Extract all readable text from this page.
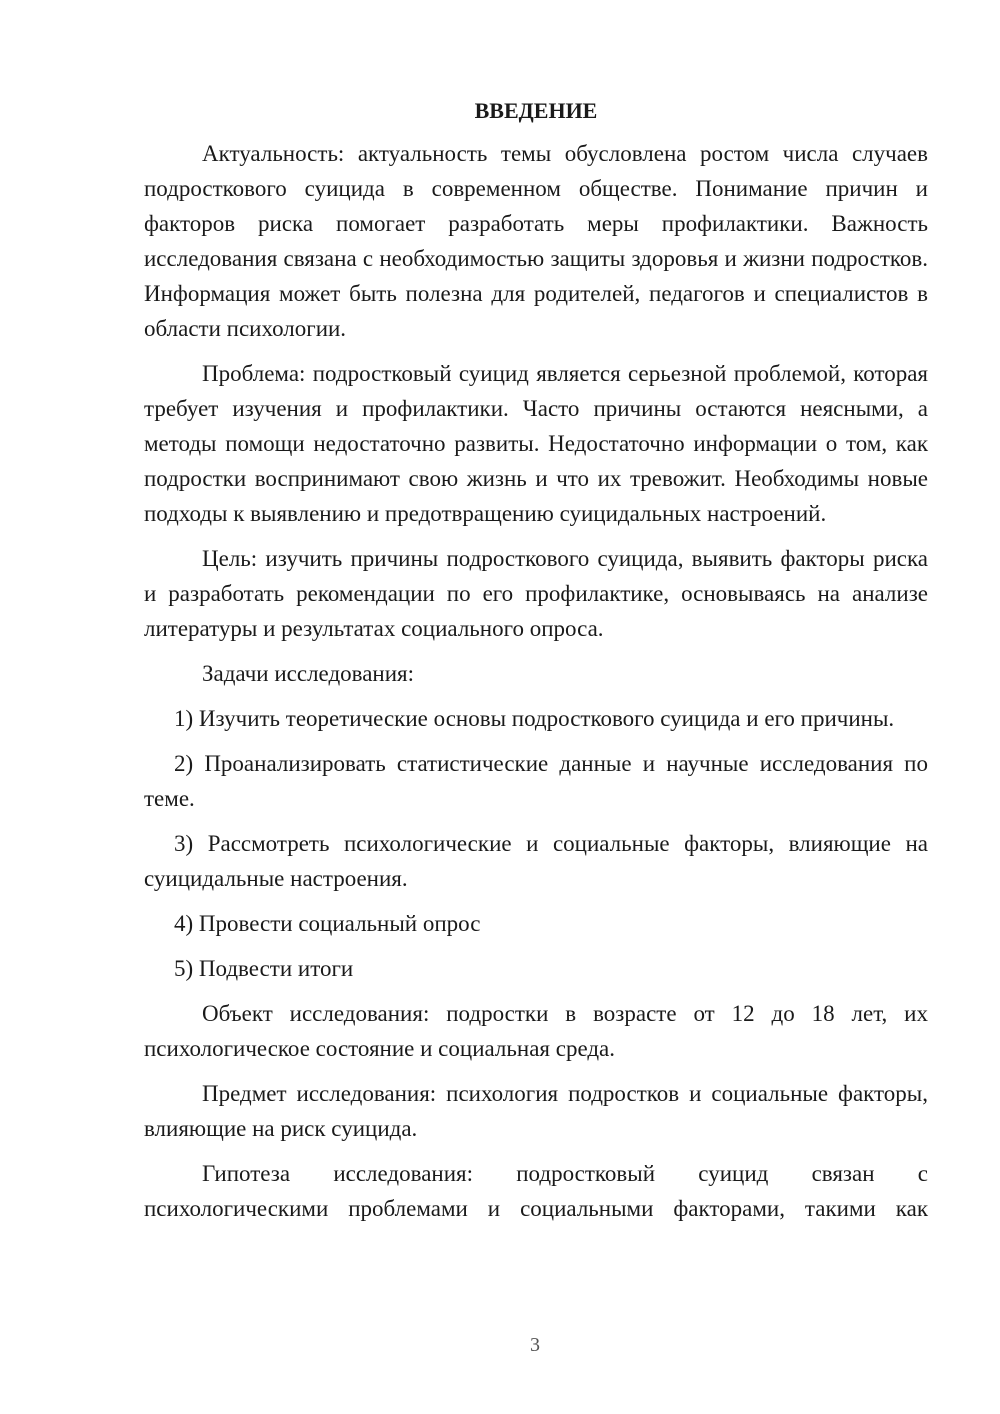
ВВЕДЕНИЕ

Актуальность: актуальность темы обусловлена ростом числа случаев подросткового суицида в современном обществе. Понимание причин и факторов риска помогает разработать меры профилактики. Важность исследования связана с необходимостью защиты здоровья и жизни подростков. Информация может быть полезна для родителей, педагогов и специалистов в области психологии.

Проблема: подростковый суицид является серьезной проблемой, которая требует изучения и профилактики. Часто причины остаются неясными, а методы помощи недостаточно развиты. Недостаточно информации о том, как подростки воспринимают свою жизнь и что их тревожит. Необходимы новые подходы к выявлению и предотвращению суицидальных настроений.

Цель: изучить причины подросткового суицида, выявить факторы риска и разработать рекомендации по его профилактике, основываясь на анализе литературы и результатах социального опроса.

Задачи исследования:

1) Изучить теоретические основы подросткового суицида и его причины.

2) Проанализировать статистические данные и научные исследования по теме.

3) Рассмотреть психологические и социальные факторы, влияющие на суицидальные настроения.

4) Провести социальный опрос

5) Подвести итоги

Объект исследования: подростки в возрасте от 12 до 18 лет, их психологическое состояние и социальная среда.

Предмет исследования: психология подростков и социальные факторы, влияющие на риск суицида.

Гипотеза исследования: подростковый суицид связан с психологическими проблемами и социальными факторами, такими как

3
